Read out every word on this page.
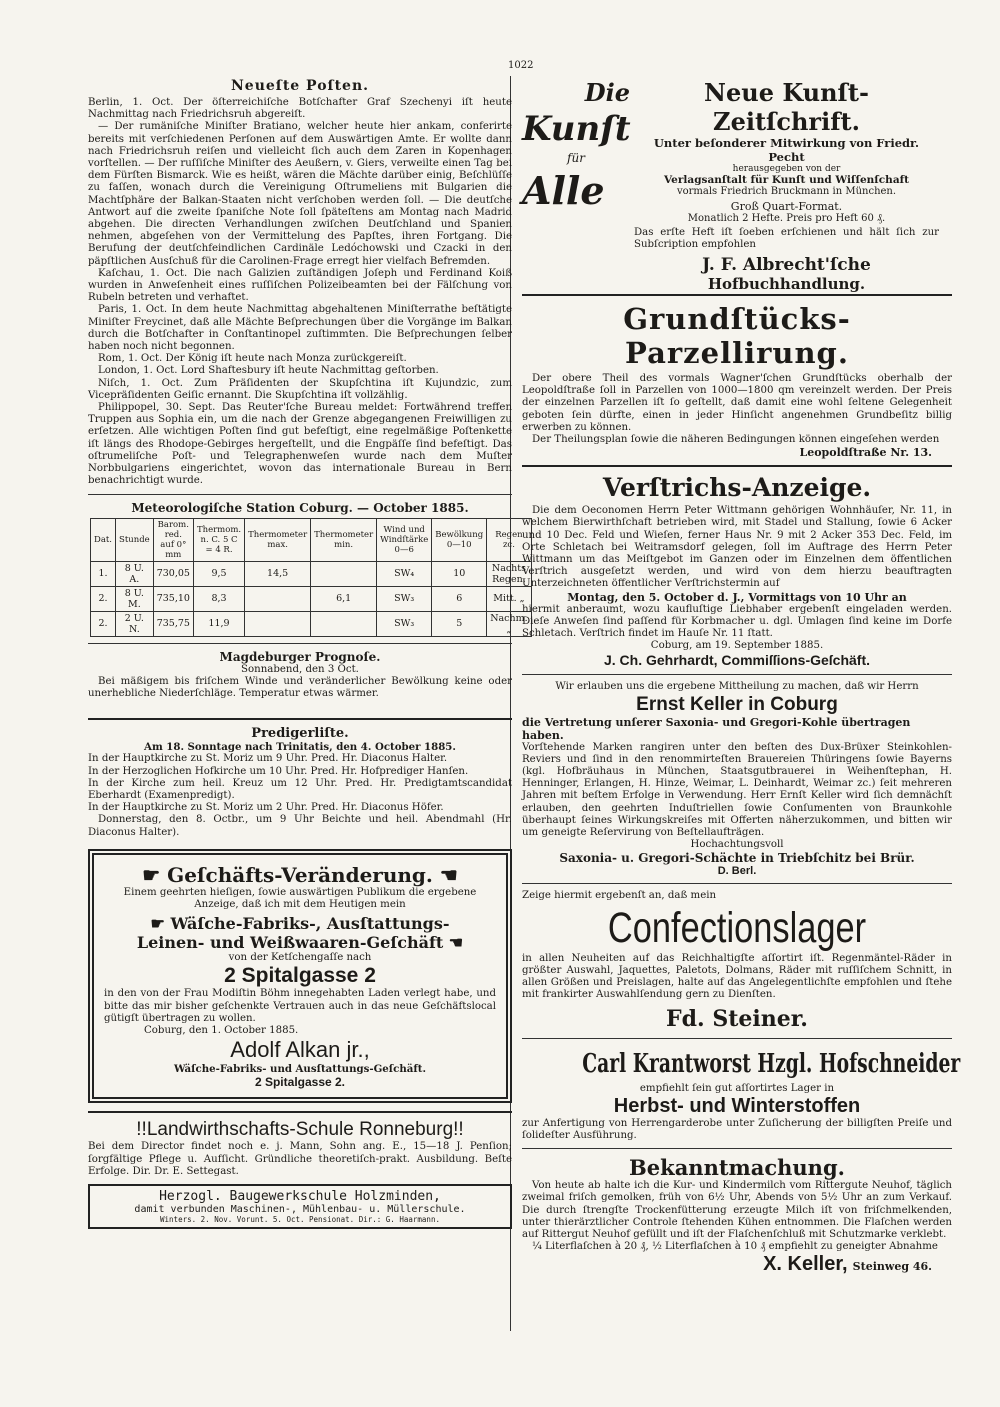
1022
Neueſte Poſten.

Berlin, 1. Oct. Der öſterreichiſche Botſchafter Graf Szechenyi iſt heute Nachmittag nach Friedrichsruh abgereiſt.

— Der rumäniſche Miniſter Bratiano, welcher heute hier ankam, conferirte bereits mit verſchiedenen Perſonen auf dem Auswärtigen Amte. Er wollte dann nach Friedrichsruh reiſen und vielleicht ſich auch dem Zaren in Kopenhagen vorſtellen. — Der ruſſiſche Miniſter des Aeußern, v. Giers, verweilte einen Tag bei dem Fürſten Bismarck. Wie es heißt, wären die Mächte darüber einig, Beſchlüſſe zu faſſen, wonach durch die Vereinigung Oſtrumeliens mit Bulgarien die Machtſphäre der Balkan-Staaten nicht verſchoben werden ſoll. — Die deutſche Antwort auf die zweite ſpaniſche Note ſoll ſpäteſtens am Montag nach Madrid abgehen. Die directen Verhandlungen zwiſchen Deutſchland und Spanien nehmen, abgeſehen von der Vermittelung des Papſtes, ihren Fortgang. Die Berufung der deutſchfeindlichen Cardinäle Ledóchowski und Czacki in den päpſtlichen Ausſchuß für die Carolinen-Frage erregt hier vielfach Befremden.

Kaſchau, 1. Oct. Die nach Galizien zuſtändigen Joſeph und Ferdinand Koiß wurden in Anweſenheit eines ruſſiſchen Polizeibeamten bei der Fälſchung von Rubeln betreten und verhaftet.

Paris, 1. Oct. In dem heute Nachmittag abgehaltenen Miniſterrathe beſtätigte Miniſter Freycinet, daß alle Mächte Beſprechungen über die Vorgänge im Balkan durch die Botſchafter in Conſtantinopel zuſtimmten. Die Beſprechungen ſelber haben noch nicht begonnen.

Rom, 1. Oct. Der König iſt heute nach Monza zurückgereiſt.

London, 1. Oct. Lord Shaftesbury iſt heute Nachmittag geſtorben.

Niſch, 1. Oct. Zum Präſidenten der Skupſchtina iſt Kujundzic, zum Vicepräſidenten Geiſic ernannt. Die Skupſchtina iſt vollzählig.

Philippopel, 30. Sept. Das Reuter'ſche Bureau meldet: Fortwährend treffen Truppen aus Sophia ein, um die nach der Grenze abgegangenen Freiwilligen zu erſetzen. Alle wichtigen Poſten ſind gut befeſtigt, eine regelmäßige Poſtenkette iſt längs des Rhodope-Gebirges hergeſtellt, und die Engpäſſe ſind befeſtigt. Das oſtrumeliſche Poſt- und Telegraphenweſen wurde nach dem Muſter Norbbulgariens eingerichtet, wovon das internationale Bureau in Bern benachrichtigt wurde.

Meteorologiſche Station Coburg. — October 1885.
Dat.	Stunde	Barom. red. auf 0° mm	Thermom. n. C. 5 C = 4 R.	Thermometer max.	Thermometer min.	Wind und Windſtärke 0—6	Bewölkung 0—10	Regen zc.
1.	8 U. A.	730,05	9,5	14,5		SW₄	10	Nachts Regen.
2.	8 U. M.	735,10	8,3		6,1	SW₃	6	Mitt. „
2.	2 U. N.	735,75	11,9			SW₃	5	Nachm. „
Magdeburger Prognoſe.
Sonnabend, den 3 Oct.

Bei mäßigem bis friſchem Winde und veränderlicher Bewölkung keine oder unerhebliche Niederſchläge. Temperatur etwas wärmer.

Predigerliſte.
Am 18. Sonntage nach Trinitatis, den 4. October 1885.

In der Hauptkirche zu St. Moriz um 9 Uhr. Pred. Hr. Diaconus Halter.

In der Herzoglichen Hofkirche um 10 Uhr. Pred. Hr. Hofprediger Hanſen.

In der Kirche zum heil. Kreuz um 12 Uhr. Pred. Hr. Predigtamtscandidat Eberhardt (Examenpredigt).

In der Hauptkirche zu St. Moriz um 2 Uhr. Pred. Hr. Diaconus Höfer.

Donnerstag, den 8. Octbr., um 9 Uhr Beichte und heil. Abendmahl (Hr. Diaconus Halter).

☛ Geſchäfts-Veränderung. ☚

Einem geehrten hieſigen, ſowie auswärtigen Publikum die ergebene Anzeige, daß ich mit dem Heutigen mein

☛ Wäſche-Fabriks-, Ausſtattungs-
Leinen- und Weißwaaren-Geſchäft ☚
von der Ketſchengaſſe nach
2 Spitalgasse 2

in den von der Frau Modiſtin Böhm innegehabten Laden verlegt habe, und bitte das mir bisher geſchenkte Vertrauen auch in das neue Geſchäftslocal gütigſt übertragen zu wollen.

Coburg, den 1. October 1885.

Adolf Alkan jr.,
Wäſche-Fabriks- und Ausſtattungs-Geſchäft.
2 Spitalgasse 2.
!!Landwirthschafts-Schule Ronneburg!!

Bei dem Director findet noch e. j. Mann, Sohn ang. E., 15—18 J. Penſion; ſorgfältige Pflege u. Aufſicht. Gründliche theoretiſch-prakt. Ausbildung. Beſte Erfolge. Dir. Dr. E. Settegast.

Herzogl. Baugewerkschule Holzminden,
damit verbunden Maschinen-, Mühlenbau- u. Müllerschule.
Winters. 2. Nov. Vorunt. 5. Oct. Pensionat. Dir.: G. Haarmann.
Die
Kunſt
für
Alle
Neue Kunſt-Zeitſchrift.
Unter beſonderer Mitwirkung von Friedr. Pecht
herausgegeben von der
Verlagsanſtalt für Kunſt und Wiſſenſchaft
vormals Friedrich Bruckmann in München.
Groß Quart-Format.
Monatlich 2 Hefte. Preis pro Heft 60 ₰.

Das erſte Heft iſt ſoeben erſchienen und hält ſich zur Subſcription empfohlen

J. F. Albrecht'ſche
Hofbuchhandlung.
Grundſtücks-Parzellirung.

Der obere Theil des vormals Wagner'ſchen Grundſtücks oberhalb der Leopoldſtraße ſoll in Parzellen von 1000—1800 qm vereinzelt werden. Der Preis der einzelnen Parzellen iſt ſo geſtellt, daß damit eine wohl ſeltene Gelegenheit geboten ſein dürfte, einen in jeder Hinſicht angenehmen Grundbeſitz billig erwerben zu können.

Der Theilungsplan ſowie die näheren Bedingungen können eingeſehen werden

Leopoldſtraße Nr. 13.
Verſtrichs-Anzeige.

Die dem Oeconomen Herrn Peter Wittmann gehörigen Wohnhäuſer, Nr. 11, in welchem Bierwirthſchaft betrieben wird, mit Stadel und Stallung, ſowie 6 Acker und 10 Dec. Feld und Wieſen, ferner Haus Nr. 9 mit 2 Acker 353 Dec. Feld, im Orte Schletach bei Weitramsdorf gelegen, ſoll im Auftrage des Herrn Peter Wittmann um das Meiſtgebot im Ganzen oder im Einzelnen dem öffentlichen Verſtrich ausgeſetzt werden, und wird von dem hierzu beauftragten Unterzeichneten öffentlicher Verſtrichstermin auf

Montag, den 5. October d. J., Vormittags von 10 Uhr an

hiermit anberaumt, wozu kaufluſtige Liebhaber ergebenſt eingeladen werden. Dieſe Anweſen ſind paſſend für Korbmacher u. dgl. Umlagen ſind keine im Dorfe Schletach. Verſtrich findet im Hauſe Nr. 11 ſtatt.

Coburg, am 19. September 1885.
J. Ch. Gehrhardt, Commiſſions-Geſchäft.

Wir erlauben uns die ergebene Mittheilung zu machen, daß wir Herrn

Ernst Keller in Coburg
die Vertretung unſerer Saxonia- und Gregori-Kohle übertragen haben.

Vorſtehende Marken rangiren unter den beſten des Dux-Brüxer Steinkohlen-Reviers und ſind in den renommirteſten Brauereien Thüringens ſowie Bayerns (kgl. Hofbräuhaus in München, Staatsgutbrauerei in Weihenſtephan, H. Henninger, Erlangen, H. Hinze, Weimar, L. Deinhardt, Weimar zc.) ſeit mehreren Jahren mit beſtem Erfolge in Verwendung. Herr Ernſt Keller wird ſich demnächſt erlauben, den geehrten Induſtriellen ſowie Conſumenten von Braunkohle überhaupt ſeines Wirkungskreiſes mit Offerten näherzukommen, und bitten wir um geneigte Reſervirung von Beſtellaufträgen.

Hochachtungsvoll
Saxonia- u. Gregori-Schächte in Triebſchitz bei Brür.
D. Berl.

Zeige hiermit ergebenſt an, daß mein

Confectionslager

in allen Neuheiten auf das Reichhaltigſte aſſortirt iſt. Regenmäntel-Räder in größter Auswahl, Jaquettes, Paletots, Dolmans, Räder mit ruſſiſchem Schnitt, in allen Größen und Preislagen, halte auf das Angelegentlichſte empfohlen und ſtehe mit frankirter Auswahlſendung gern zu Dienſten.

Fd. Steiner.
Carl Krantworst Hzgl. Hofschneider
empfiehlt ſein gut aſſortirtes Lager in
Herbst- und Winterstoffen

zur Anfertigung von Herrengarderobe unter Zuſicherung der billigſten Preiſe und ſolideſter Ausführung.

Bekanntmachung.

Von heute ab halte ich die Kur- und Kindermilch vom Rittergute Neuhof, täglich zweimal friſch gemolken, früh von 6½ Uhr, Abends von 5½ Uhr an zum Verkauf. Die durch ſtrengſte Trockenfütterung erzeugte Milch iſt von friſchmelkenden, unter thierärztlicher Controle ſtehenden Kühen entnommen. Die Flaſchen werden auf Rittergut Neuhof gefüllt und iſt der Flaſchenſchluß mit Schutzmarke verklebt.

¼ Literflaſchen à 20 ₰, ½ Literflaſchen à 10 ₰ empfiehlt zu geneigter Abnahme

X. Keller, Steinweg 46.
